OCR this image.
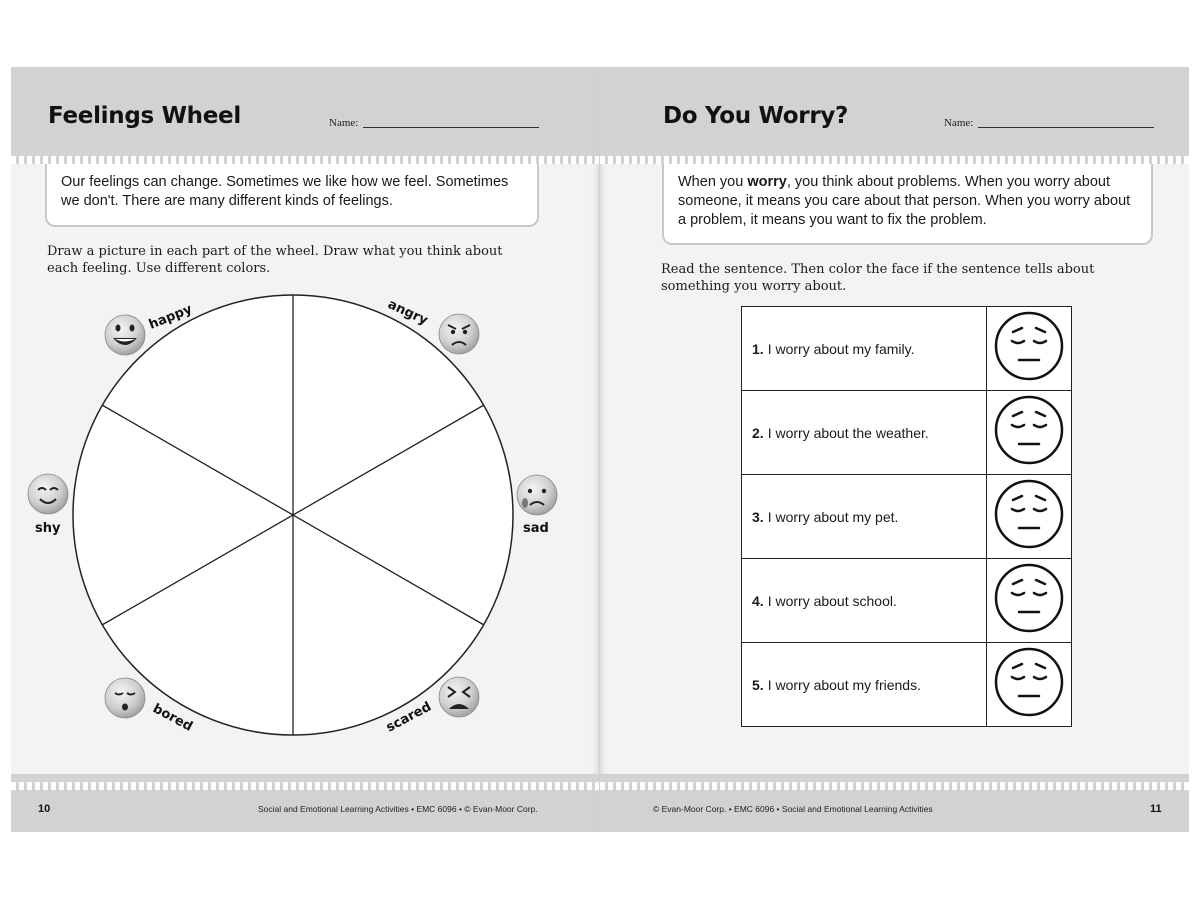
Feelings Wheel	Name:
Our feelings can change. Sometimes we like how we feel. Sometimes we don't. There are many different kinds of feelings.
Draw a picture in each part of the wheel. Draw what you think about each feeling. Use different colors.
happy	angry
sad
scared
bored
shy
10	Social and Emotional Learning Activities • EMC 6096 • © Evan-Moor Corp.
Do You Worry?	Name:
When you worry, you think about problems. When you worry about someone, it means you care about that person. When you worry about a problem, it means you want to fix the problem.
Read the sentence. Then color the face if the sentence tells about something you worry about.
1. I worry about my family.	
2. I worry about the weather.	
3. I worry about my pet.	
4. I worry about school.	
5. I worry about my friends.	
© Evan-Moor Corp. • EMC 6096 • Social and Emotional Learning Activities	11
